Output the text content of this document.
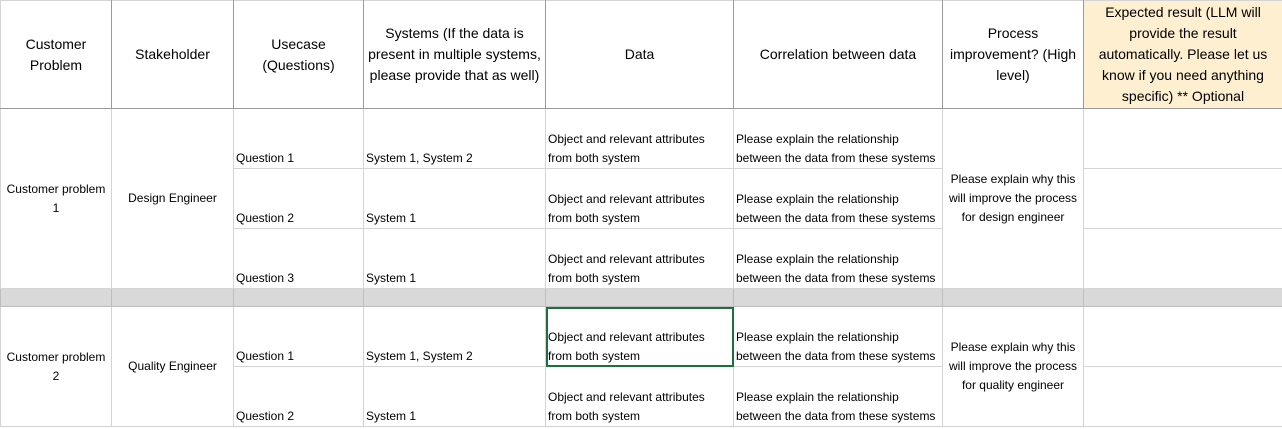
Customer Problem	Stakeholder	Usecase (Questions)	Systems (If the data is present in multiple systems, please provide that as well)	Data	Correlation between data	Process improvement? (High level)	Expected result (LLM will provide the result automatically. Please let us know if you need anything specific) ** Optional
Customer problem 1	Design Engineer	Question 1	System 1, System 2	Object and relevant attributes from both system	Please explain the relationship between the data from these systems	Please explain why this will improve the process for design engineer	
		Question 2	System 1	Object and relevant attributes from both system	Please explain the relationship between the data from these systems		
		Question 3	System 1	Object and relevant attributes from both system	Please explain the relationship between the data from these systems		

Customer problem 2	Quality Engineer	Question 1	System 1, System 2	Object and relevant attributes from both system	Please explain the relationship between the data from these systems	Please explain why this will improve the process for quality engineer	
		Question 2	System 1	Object and relevant attributes from both system	Please explain the relationship between the data from these systems		
